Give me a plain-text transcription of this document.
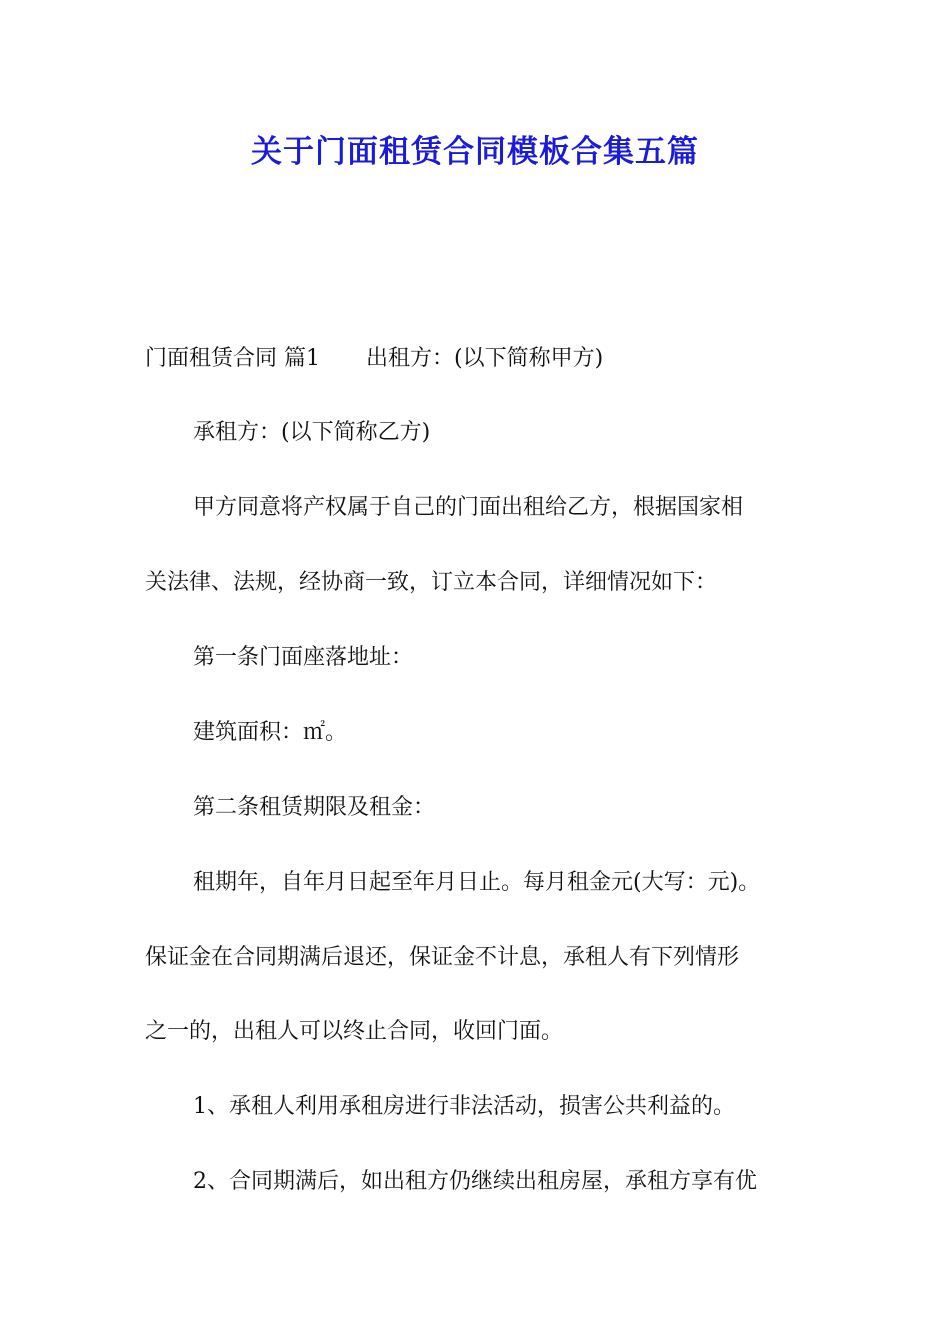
关于门面租赁合同模板合集五篇
门面租赁合同 篇1 出租方：(以下简称甲方)
承租方：(以下简称乙方)
甲方同意将产权属于自己的门面出租给乙方，根据国家相
关法律、法规，经协商一致，订立本合同，详细情况如下：
第一条门面座落地址：
建筑面积：㎡。
第二条租赁期限及租金：
租期年，自年月日起至年月日止。每月租金元(大写：元)。
保证金在合同期满后退还，保证金不计息，承租人有下列情形
之一的，出租人可以终止合同，收回门面。
1、承租人利用承租房进行非法活动，损害公共利益的。
2、合同期满后，如出租方仍继续出租房屋，承租方享有优
